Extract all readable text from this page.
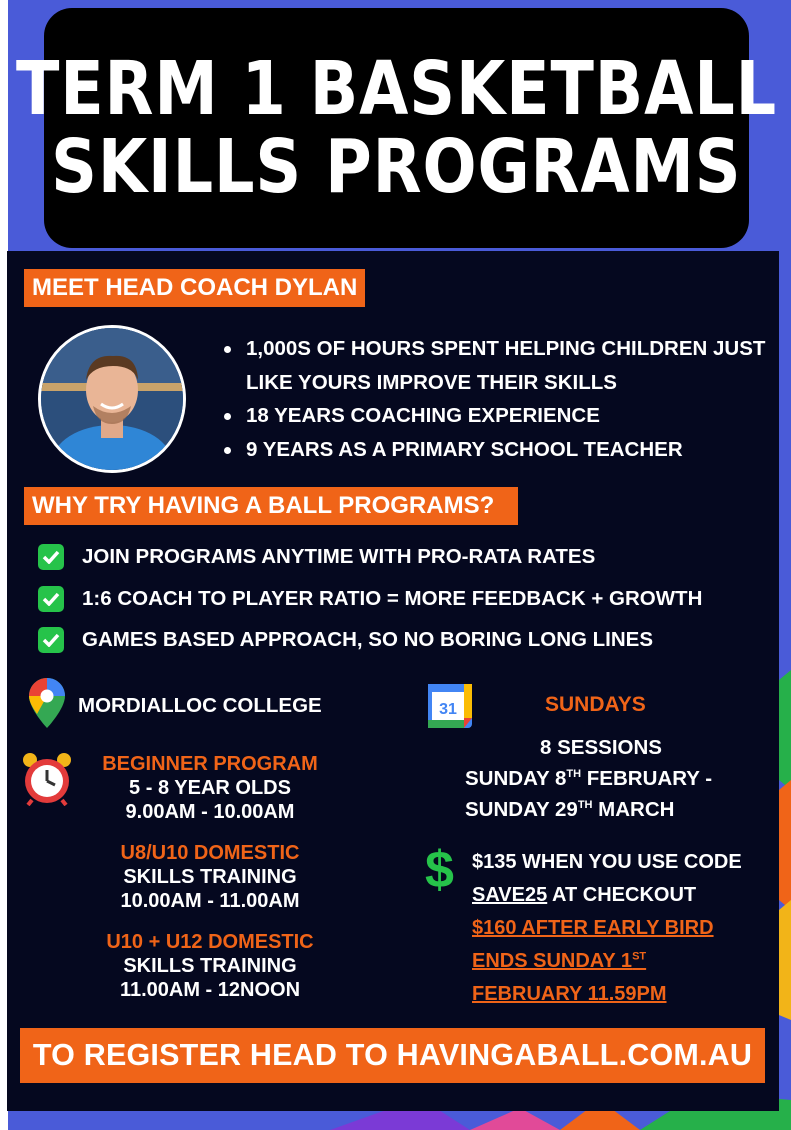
TERM 1 BASKETBALL
SKILLS PROGRAMS
MEET HEAD COACH DYLAN
1,000S OF HOURS SPENT HELPING CHILDREN JUST LIKE YOURS IMPROVE THEIR SKILLS
18 YEARS COACHING EXPERIENCE
9 YEARS AS A PRIMARY SCHOOL TEACHER
WHY TRY HAVING A BALL PROGRAMS?
JOIN PROGRAMS ANYTIME WITH PRO-RATA RATES
1:6 COACH TO PLAYER RATIO = MORE FEEDBACK + GROWTH
GAMES BASED APPROACH, SO NO BORING LONG LINES
MORDIALLOC COLLEGE
BEGINNER PROGRAM
5 - 8 YEAR OLDS
9.00AM - 10.00AM
U8/U10 DOMESTIC
SKILLS TRAINING
10.00AM - 11.00AM
U10 + U12 DOMESTIC
SKILLS TRAINING
11.00AM - 12NOON
31	SUNDAYS
8 SESSIONS
SUNDAY 8TH FEBRUARY -
SUNDAY 29TH MARCH
$ $135 WHEN YOU USE CODE
SAVE25 AT CHECKOUT
$160 AFTER EARLY BIRD
ENDS SUNDAY 1ST
FEBRUARY 11.59PM
TO REGISTER HEAD TO HAVINGABALL.COM.AU
